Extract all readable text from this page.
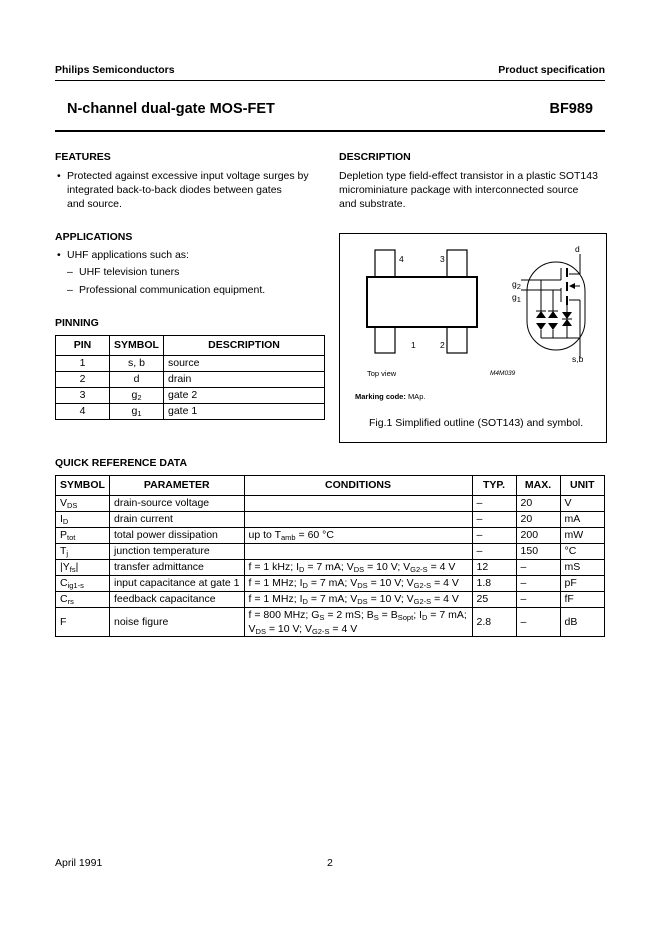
Philips Semiconductors	Product specification
N-channel dual-gate MOS-FET	BF989
FEATURES
• Protected against excessive input voltage surges by
integrated back-to-back diodes between gates
and source.
DESCRIPTION
Depletion type field-effect transistor in a plastic SOT143
microminiature package with interconnected source
and substrate.
APPLICATIONS
• UHF applications such as:
– UHF television tuners
– Professional communication equipment.
PINNING
PIN	SYMBOL	DESCRIPTION
1	s, b	source
2	d	drain
3	$g_2$	gate 2
4	$g_1$	gate 1
4	3
1	2
d
$g_2$
$g_1$
s,b
Top view	M4M039
Marking code: MAp.
Fig.1 Simplified outline (SOT143) and symbol.
QUICK REFERENCE DATA
SYMBOL	PARAMETER	CONDITIONS	TYP.	MAX.	UNIT
$V_{DS}$	drain-source voltage		–	20	V
$I_D$	drain current		–	20	mA
$P_{tot}$	total power dissipation	up to $T_{amb} = 60$ °C	–	200	mW
$T_j$	junction temperature		–	150	°C
$|Y_{fs}|$	transfer admittance	f = 1 kHz; $I_D = 7$ mA; $V_{DS} = 10$ V; $V_{G2-S} = 4$ V	12	–	mS
$C_{ig1-s}$	input capacitance at gate 1	f = 1 MHz; $I_D = 7$ mA; $V_{DS} = 10$ V; $V_{G2-S} = 4$ V	1.8	–	pF
$C_{rs}$	feedback capacitance	f = 1 MHz; $I_D = 7$ mA; $V_{DS} = 10$ V; $V_{G2-S} = 4$ V	25	–	fF
F	noise figure	f = 800 MHz; $G_S = 2$ mS; $B_S = B_{Sopt}$; $I_D = 7$ mA; $V_{DS} = 10$ V; $V_{G2-S} = 4$ V	2.8	–	dB
April 1991	2
